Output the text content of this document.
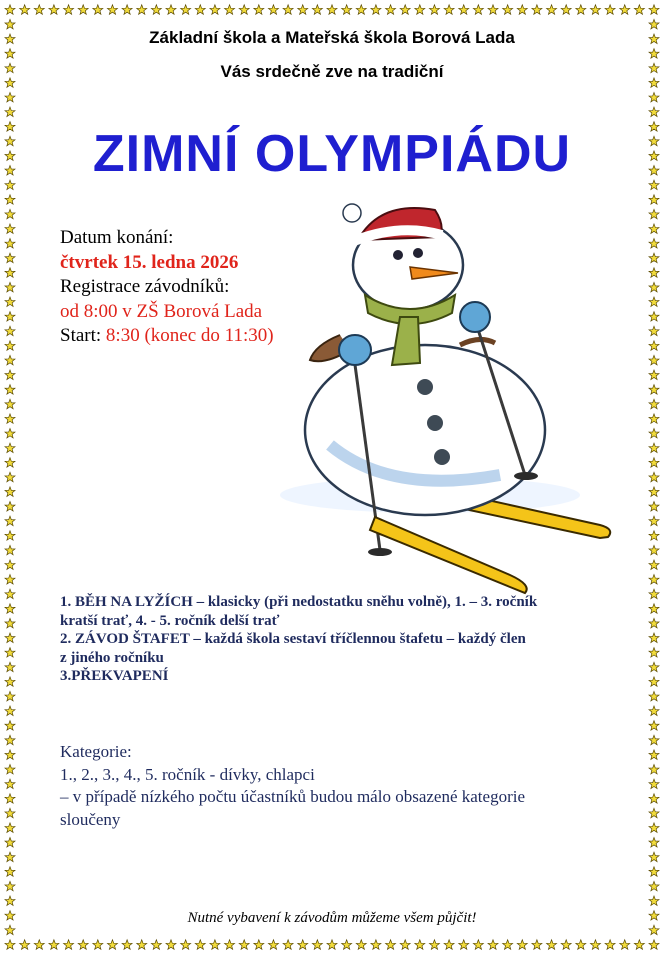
Základní škola a Mateřská škola Borová Lada
Vás srdečně zve na tradiční
ZIMNÍ OLYMPIÁDU
Datum konání:
čtvrtek 15. ledna 2026
Registrace závodníků:
od 8:00 v ZŠ Borová Lada
Start: 8:30 (konec do 11:30)
1. BĚH NA LYŽÍCH – klasicky (při nedostatku sněhu volně), 1. – 3. ročník
kratší trať, 4. - 5. ročník delší trať
2. ZÁVOD ŠTAFET – každá škola sestaví tříčlennou štafetu – každý člen
z jiného ročníku
3.PŘEKVAPENÍ
Kategorie:
1., 2., 3., 4., 5. ročník - dívky, chlapci
– v případě nízkého počtu účastníků budou málo obsazené kategorie
sloučeny
Nutné vybavení k závodům můžeme všem půjčit!
